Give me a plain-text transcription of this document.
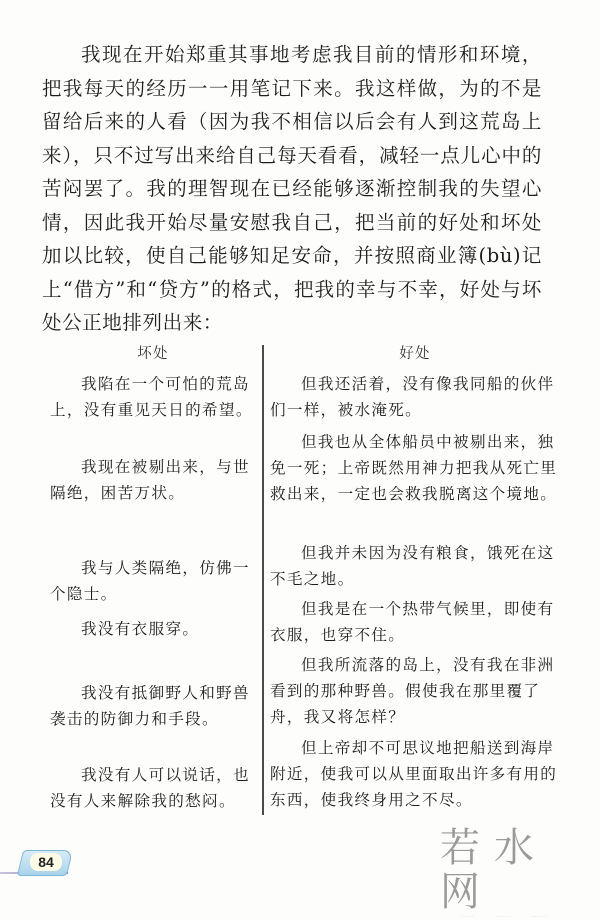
我现在开始郑重其事地考虑我目前的情形和环境，把我每天的经历一一用笔记下来。我这样做，为的不是留给后来的人看（因为我不相信以后会有人到这荒岛上来），只不过写出来给自己每天看看，减轻一点儿心中的苦闷罢了。我的理智现在已经能够逐渐控制我的失望心情，因此我开始尽量安慰我自己，把当前的好处和坏处加以比较，使自己能够知足安命，并按照商业簿(bù)记上“借方”和“贷方”的格式，把我的幸与不幸，好处与坏处公正地排列出来：

坏处

我陷在一个可怕的荒岛上，没有重见天日的希望。

我现在被剔出来，与世隔绝，困苦万状。

我与人类隔绝，仿佛一个隐士。

我没有衣服穿。

我没有抵御野人和野兽袭击的防御力和手段。

我没有人可以说话，也没有人来解除我的愁闷。

好处

但我还活着，没有像我同船的伙伴们一样，被水淹死。

但我也从全体船员中被剔出来，独免一死；上帝既然用神力把我从死亡里救出来，一定也会救我脱离这个境地。

但我并未因为没有粮食，饿死在这不毛之地。

但我是在一个热带气候里，即使有衣服，也穿不住。

但我所流落的岛上，没有我在非洲看到的那种野兽。假使我在那里覆了舟，我又将怎样？

但上帝却不可思议地把船送到海岸附近，使我可以从里面取出许多有用的东西，使我终身用之不尽。

84	若水网
····· ······ ······
